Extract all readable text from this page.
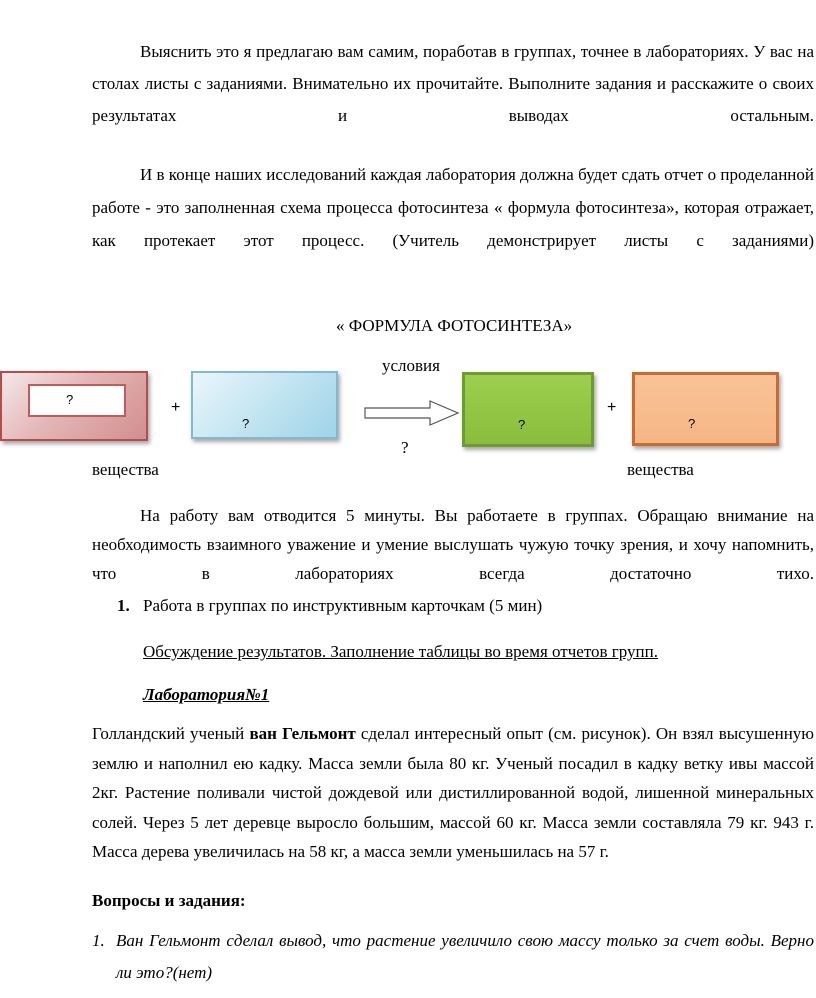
Выяснить это я предлагаю вам самим, поработав в группах, точнее в лабораториях. У вас на столах листы с заданиями. Внимательно их прочитайте. Выполните задания и расскажите о своих результатах и выводах остальным.

И в конце наших исследований каждая лаборатория должна будет сдать отчет о проделанной работе - это заполненная схема процесса фотосинтеза « формула фотосинтеза», которая отражает, как протекает этот процесс. (Учитель демонстрирует листы с заданиями)

« ФОРМУЛА ФОТОСИНТЕЗА»
условия
?	+
?
?
?
+
?
вещества	вещества

На работу вам отводится 5 минуты. Вы работаете в группах. Обращаю внимание на необходимость взаимного уважение и умение выслушать чужую точку зрения, и хочу напомнить, что в лабораториях всегда достаточно тихо.

1. Работа в группах по инструктивным карточкам (5 мин)
Обсуждение результатов. Заполнение таблицы во время отчетов групп.
Лаборатория№1

Голландский ученый ван Гельмонт сделал интересный опыт (см. рисунок). Он взял высушенную землю и наполнил ею кадку. Масса земли была 80 кг. Ученый посадил в кадку ветку ивы массой 2кг. Растение поливали чистой дождевой или дистиллированной водой, лишенной минеральных солей. Через 5 лет деревце выросло большим, массой 60 кг. Масса земли составляла 79 кг. 943 г. Масса дерева увеличилась на 58 кг, а масса земли уменьшилась на 57 г.

Вопросы и задания:
1. Ван Гельмонт сделал вывод, что растение увеличило свою массу только за счет воды. Верно ли это?(нет)
